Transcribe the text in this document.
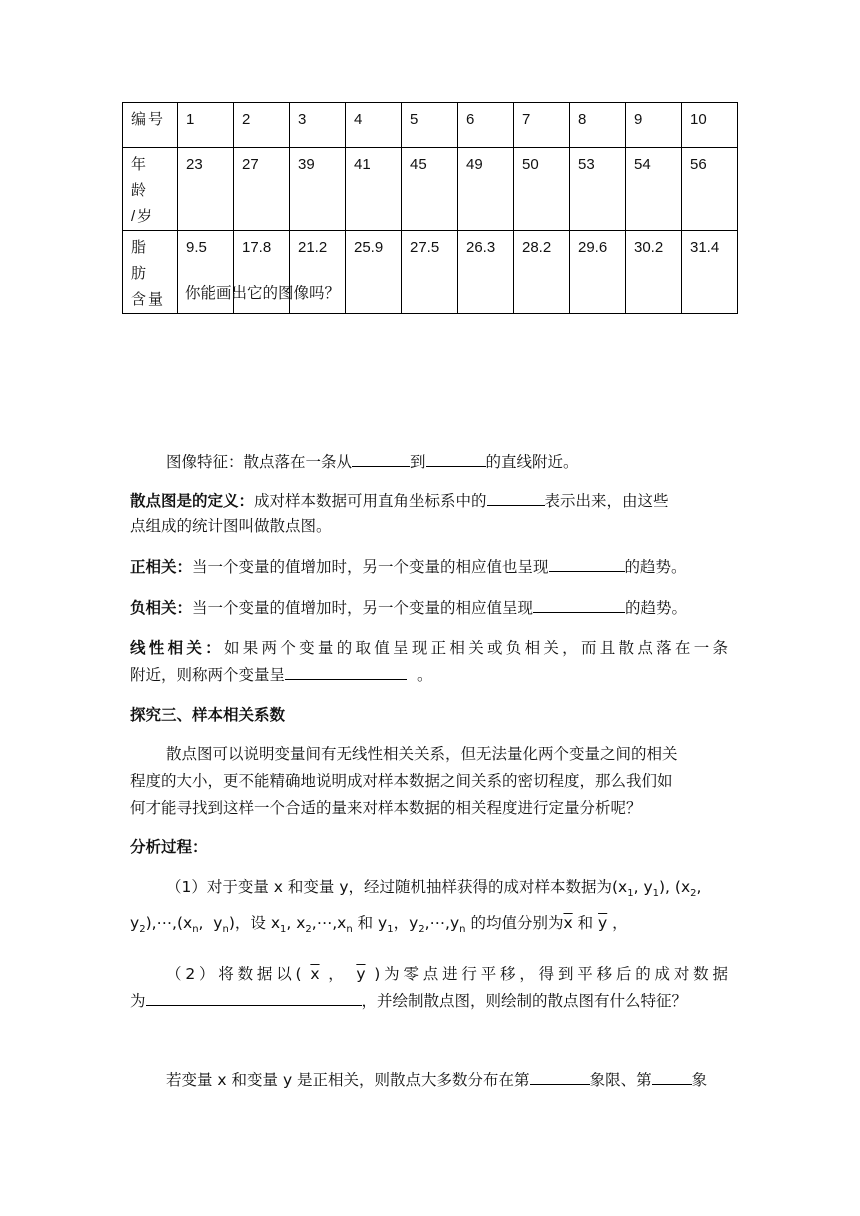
编号	1	2	3	4	5	6	7	8	9	10
年 龄
/岁	23	27	39	41	45	49	50	53	54	56
脂 肪
含量	9.5	17.8	21.2	25.9	27.5	26.3	28.2	29.6	30.2	31.4
你能画出它的图像吗？
图像特征：散点落在一条从	到	的直线附近。
散点图是的定义：成对样本数据可用直角坐标系中的	表示出来，由这些
点组成的统计图叫做散点图。
正相关：当一个变量的值增加时，另一个变量的相应值也呈现	的趋势。
负相关：当一个变量的值增加时，另一个变量的相应值呈现	的趋势。
线性相关：如果两个变量的取值呈现正相关或负相关，而且散点落在一条
附近，则称两个变量呈	。
探究三、样本相关系数
散点图可以说明变量间有无线性相关关系，但无法量化两个变量之间的相关
程度的大小，更不能精确地说明成对样本数据之间关系的密切程度，那么我们如
何才能寻找到这样一个合适的量来对样本数据的相关程度进行定量分析呢？
分析过程：
（1）对于变量 x 和变量 y，经过随机抽样获得的成对样本数据为($x_1$, $y_1$), ($x_2$,
$y_2),\cdots,(x_n$,  $y_n$)，设 $x_1$, $x_2,\cdots,x_n$ 和 $y_1$，$y_2,\cdots,y_n$ 的均值分别为$\overline{x}$ 和 $\overline{y}$ ，
（2）将数据以( $\overline{x}$ ， $\overline{y}$ )为零点进行平移，得到平移后的成对数据
为	，并绘制散点图，则绘制的散点图有什么特征？
若变量 x 和变量 y 是正相关，则散点大多数分布在第	象限、第	象
